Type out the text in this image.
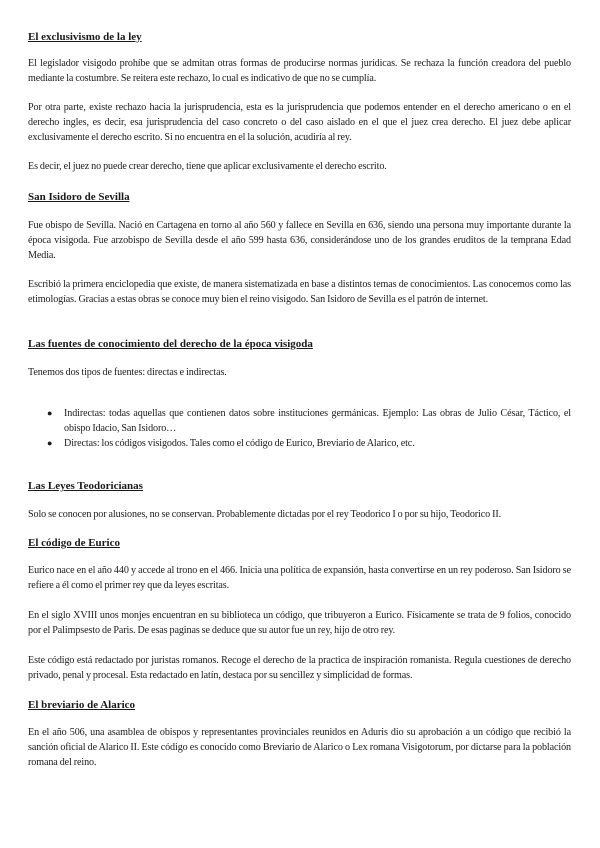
El exclusivismo de la ley

El legislador visigodo prohíbe que se admitan otras formas de producirse normas jurídicas. Se rechaza la función creadora del pueblo mediante la costumbre. Se reitera este rechazo, lo cual es indicativo de que no se cumplía.

Por otra parte, existe rechazo hacia la jurisprudencia, esta es la jurisprudencia que podemos entender en el derecho americano o en el derecho ingles, es decir, esa jurisprudencia del caso concreto o del caso aislado en el que el juez crea derecho. El juez debe aplicar exclusivamente el derecho escrito. Si no encuentra en el la solución, acudiría al rey.

Es decir, el juez no puede crear derecho, tiene que aplicar exclusivamente el derecho escrito.

San Isidoro de Sevilla

Fue obispo de Sevilla. Nació en Cartagena en torno al año 560 y fallece en Sevilla en 636, siendo una persona muy importante durante la época visigoda. Fue arzobispo de Sevilla desde el año 599 hasta 636, considerándose uno de los grandes eruditos de la temprana Edad Media.

Escribió la primera enciclopedia que existe, de manera sistematizada en base a distintos temas de conocimientos. Las conocemos como las etimologías. Gracias a estas obras se conoce muy bien el reino visigodo. San Isidoro de Sevilla es el patrón de internet.

Las fuentes de conocimiento del derecho de la época visigoda

Tenemos dos tipos de fuentes: directas e indirectas.

● Indirectas: todas aquellas que contienen datos sobre instituciones germánicas. Ejemplo: Las obras de Julio César, Táctico, el obispo Idacio, San Isidoro…
● Directas: los códigos visigodos. Tales como el código de Eurico, Breviario de Alarico, etc.
Las Leyes Teodoricianas

Solo se conocen por alusiones, no se conservan. Probablemente dictadas por el rey Teodorico I o por su hijo, Teodorico II.

El código de Eurico

Eurico nace en el año 440 y accede al trono en el 466. Inicia una política de expansión, hasta convertirse en un rey poderoso. San Isidoro se refiere a él como el primer rey que da leyes escritas.

En el siglo XVIII unos monjes encuentran en su biblioteca un código, que tribuyeron a Eurico. Físicamente se trata de 9 folios, conocido por el Palimpsesto de Paris. De esas paginas se deduce que su autor fue un rey, hijo de otro rey.

Este código está redactado por juristas romanos. Recoge el derecho de la practica de inspiración romanista. Regula cuestiones de derecho privado, penal y procesal. Esta redactado en latín, destaca por su sencillez y simplicidad de formas.

El breviario de Alarico

En el año 506, una asamblea de obispos y representantes provinciales reunidos en Aduris dio su aprobación a un código que recibió la sanción oficial de Alarico II. Este código es conocido como Breviario de Alarico o Lex romana Visigotorum, por dictarse para la población romana del reino.
